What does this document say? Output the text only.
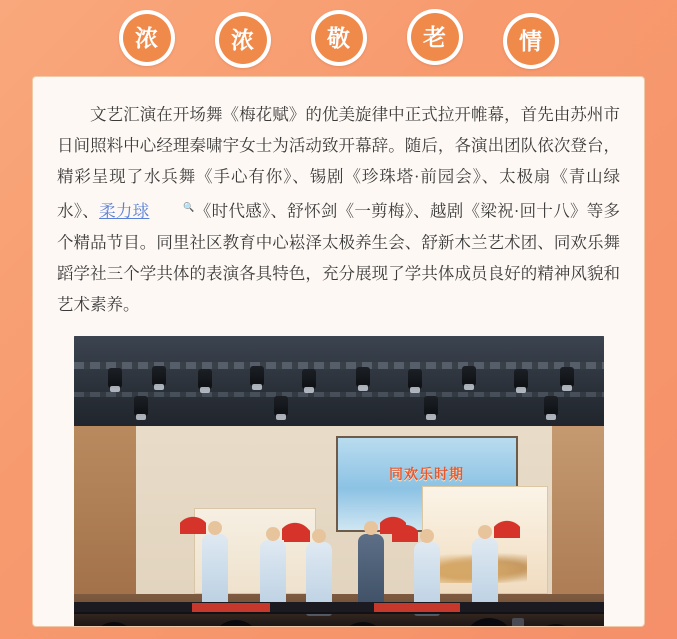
浓	浓	敬	老	情

文艺汇演在开场舞《梅花赋》的优美旋律中正式拉开帷幕，首先由苏州市日间照料中心经理秦啸宇女士为活动致开幕辞。随后，各演出团队依次登台，精彩呈现了水兵舞《手心有你》、锡剧《珍珠塔·前园会》、太极扇《青山绿水》、柔力球	🔍《时代感》、舒怀剑《一剪梅》、越剧《梁祝·回十八》等多个精品节目。同里社区教育中心崧泽太极养生会、舒新木兰艺术团、同欢乐舞蹈学社三个学共体的表演各具特色，充分展现了学共体成员良好的精神风貌和艺术素养。

同欢乐时期
